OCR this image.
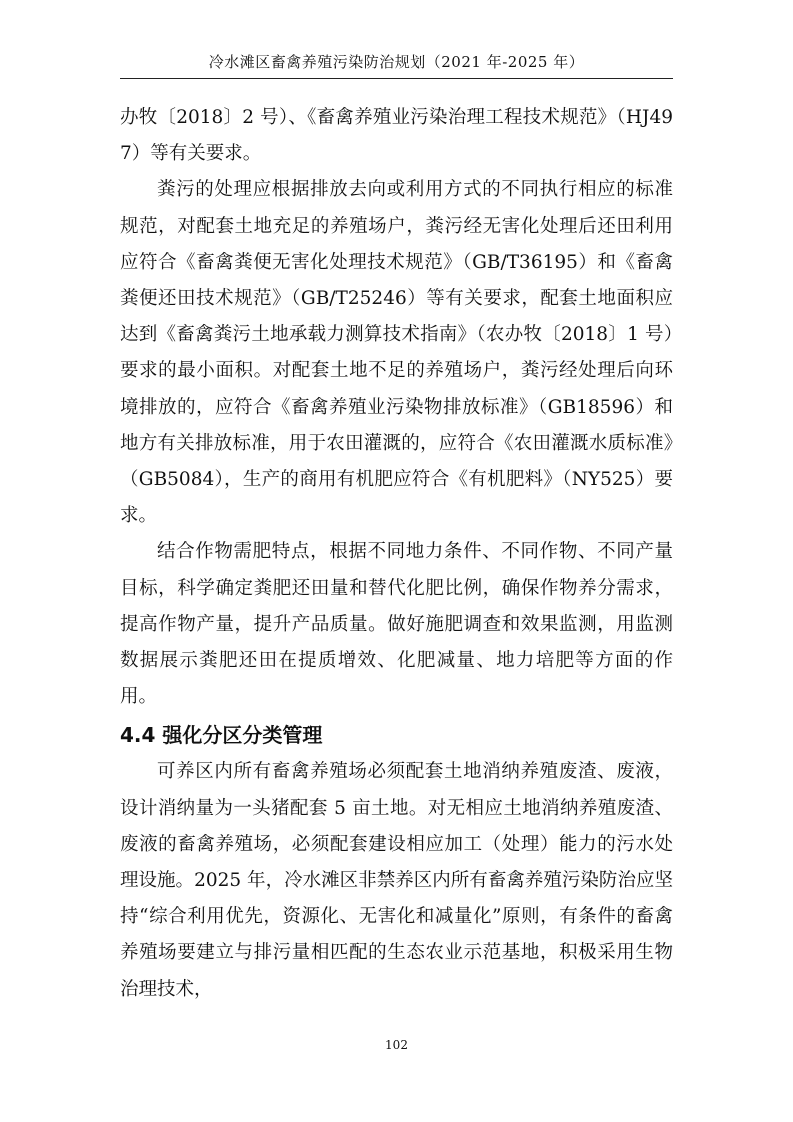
冷水滩区畜禽养殖污染防治规划（2021 年-2025 年）

办牧〔2018〕2 号）、《畜禽养殖业污染治理工程技术规范》（HJ497）等有关要求。

粪污的处理应根据排放去向或利用方式的不同执行相应的标准规范，对配套土地充足的养殖场户，粪污经无害化处理后还田利用应符合《畜禽粪便无害化处理技术规范》（GB/T36195）和《畜禽粪便还田技术规范》（GB/T25246）等有关要求，配套土地面积应达到《畜禽粪污土地承载力测算技术指南》（农办牧〔2018〕1 号）要求的最小面积。对配套土地不足的养殖场户，粪污经处理后向环境排放的，应符合《畜禽养殖业污染物排放标准》（GB18596）和地方有关排放标准，用于农田灌溉的，应符合《农田灌溉水质标准》（GB5084），生产的商用有机肥应符合《有机肥料》（NY525）要求。

结合作物需肥特点，根据不同地力条件、不同作物、不同产量目标，科学确定粪肥还田量和替代化肥比例，确保作物养分需求，提高作物产量，提升产品质量。做好施肥调查和效果监测，用监测数据展示粪肥还田在提质增效、化肥减量、地力培肥等方面的作用。

4.4 强化分区分类管理

可养区内所有畜禽养殖场必须配套土地消纳养殖废渣、废液，设计消纳量为一头猪配套 5 亩土地。对无相应土地消纳养殖废渣、废液的畜禽养殖场，必须配套建设相应加工（处理）能力的污水处理设施。2025 年，冷水滩区非禁养区内所有畜禽养殖污染防治应坚持“综合利用优先，资源化、无害化和减量化”原则，有条件的畜禽养殖场要建立与排污量相匹配的生态农业示范基地，积极采用生物治理技术，

102
